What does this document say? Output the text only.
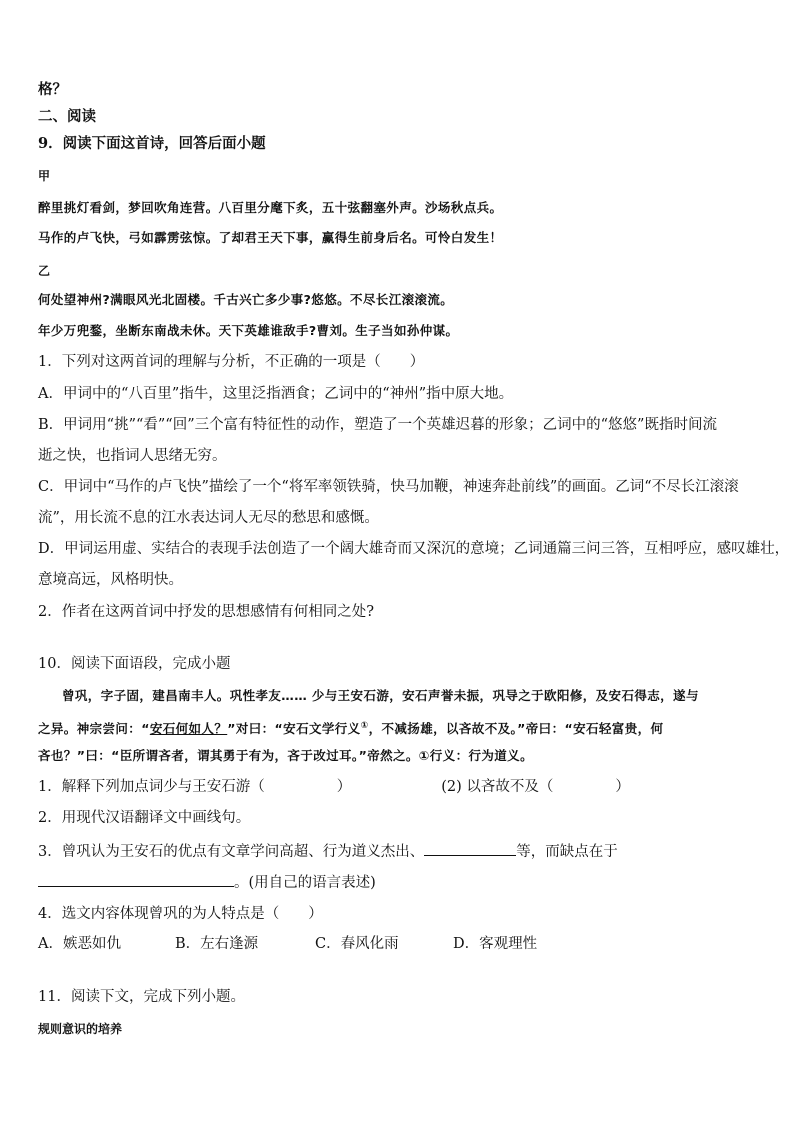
格？
二、阅读
9．阅读下面这首诗，回答后面小题
甲
醉里挑灯看剑，梦回吹角连营。八百里分麾下炙，五十弦翻塞外声。沙场秋点兵。
马作的卢飞快，弓如霹雳弦惊。了却君王天下事，赢得生前身后名。可怜白发生！
乙
何处望神州?满眼风光北固楼。千古兴亡多少事?悠悠。不尽长江滚滚流。
年少万兜鍪，坐断东南战未休。天下英雄谁敌手?曹刘。生子当如孙仲谋。
1．下列对这两首词的理解与分析，不正确的一项是（　　）
A．甲词中的“八百里”指牛，这里泛指酒食；乙词中的“神州”指中原大地。
B．甲词用“挑”“看”“回”三个富有特征性的动作，塑造了一个英雄迟暮的形象；乙词中的“悠悠”既指时间流
逝之快，也指词人思绪无穷。
C．甲词中“马作的卢飞快”描绘了一个“将军率领铁骑，快马加鞭，神速奔赴前线”的画面。乙词“不尽长江滚滚
流”，用长流不息的江水表达词人无尽的愁思和感慨。
D．甲词运用虚、实结合的表现手法创造了一个阔大雄奇而又深沉的意境；乙词通篇三问三答，互相呼应，感叹雄壮，
意境高远，风格明快。
2．作者在这两首词中抒发的思想感情有何相同之处?
10．阅读下面语段，完成小题
曾巩，字子固，建昌南丰人。巩性孝友…… 少与王安石游，安石声誉未振，巩导之于欧阳修，及安石得志，遂与
之异。神宗尝问：“安石何如人？”对曰：“安石文学行义①，不减扬雄，以吝故不及。”帝曰：“安石轻富贵，何
吝也？”曰：“臣所谓吝者，谓其勇于有为，吝于改过耳。”帝然之。①行义：行为道义。
1．解释下列加点词少与王安石游（	）	(2) 以吝故不及（	）
2．用现代汉语翻译文中画线句。
3．曾巩认为王安石的优点有文章学问高超、行为道义杰出、	等，而缺点在于
。(用自己的语言表述)
4．选文内容体现曾巩的为人特点是（　　）
A．嫉恶如仇	B．左右逢源	C．春风化雨	D．客观理性
11．阅读下文，完成下列小题。
规则意识的培养
